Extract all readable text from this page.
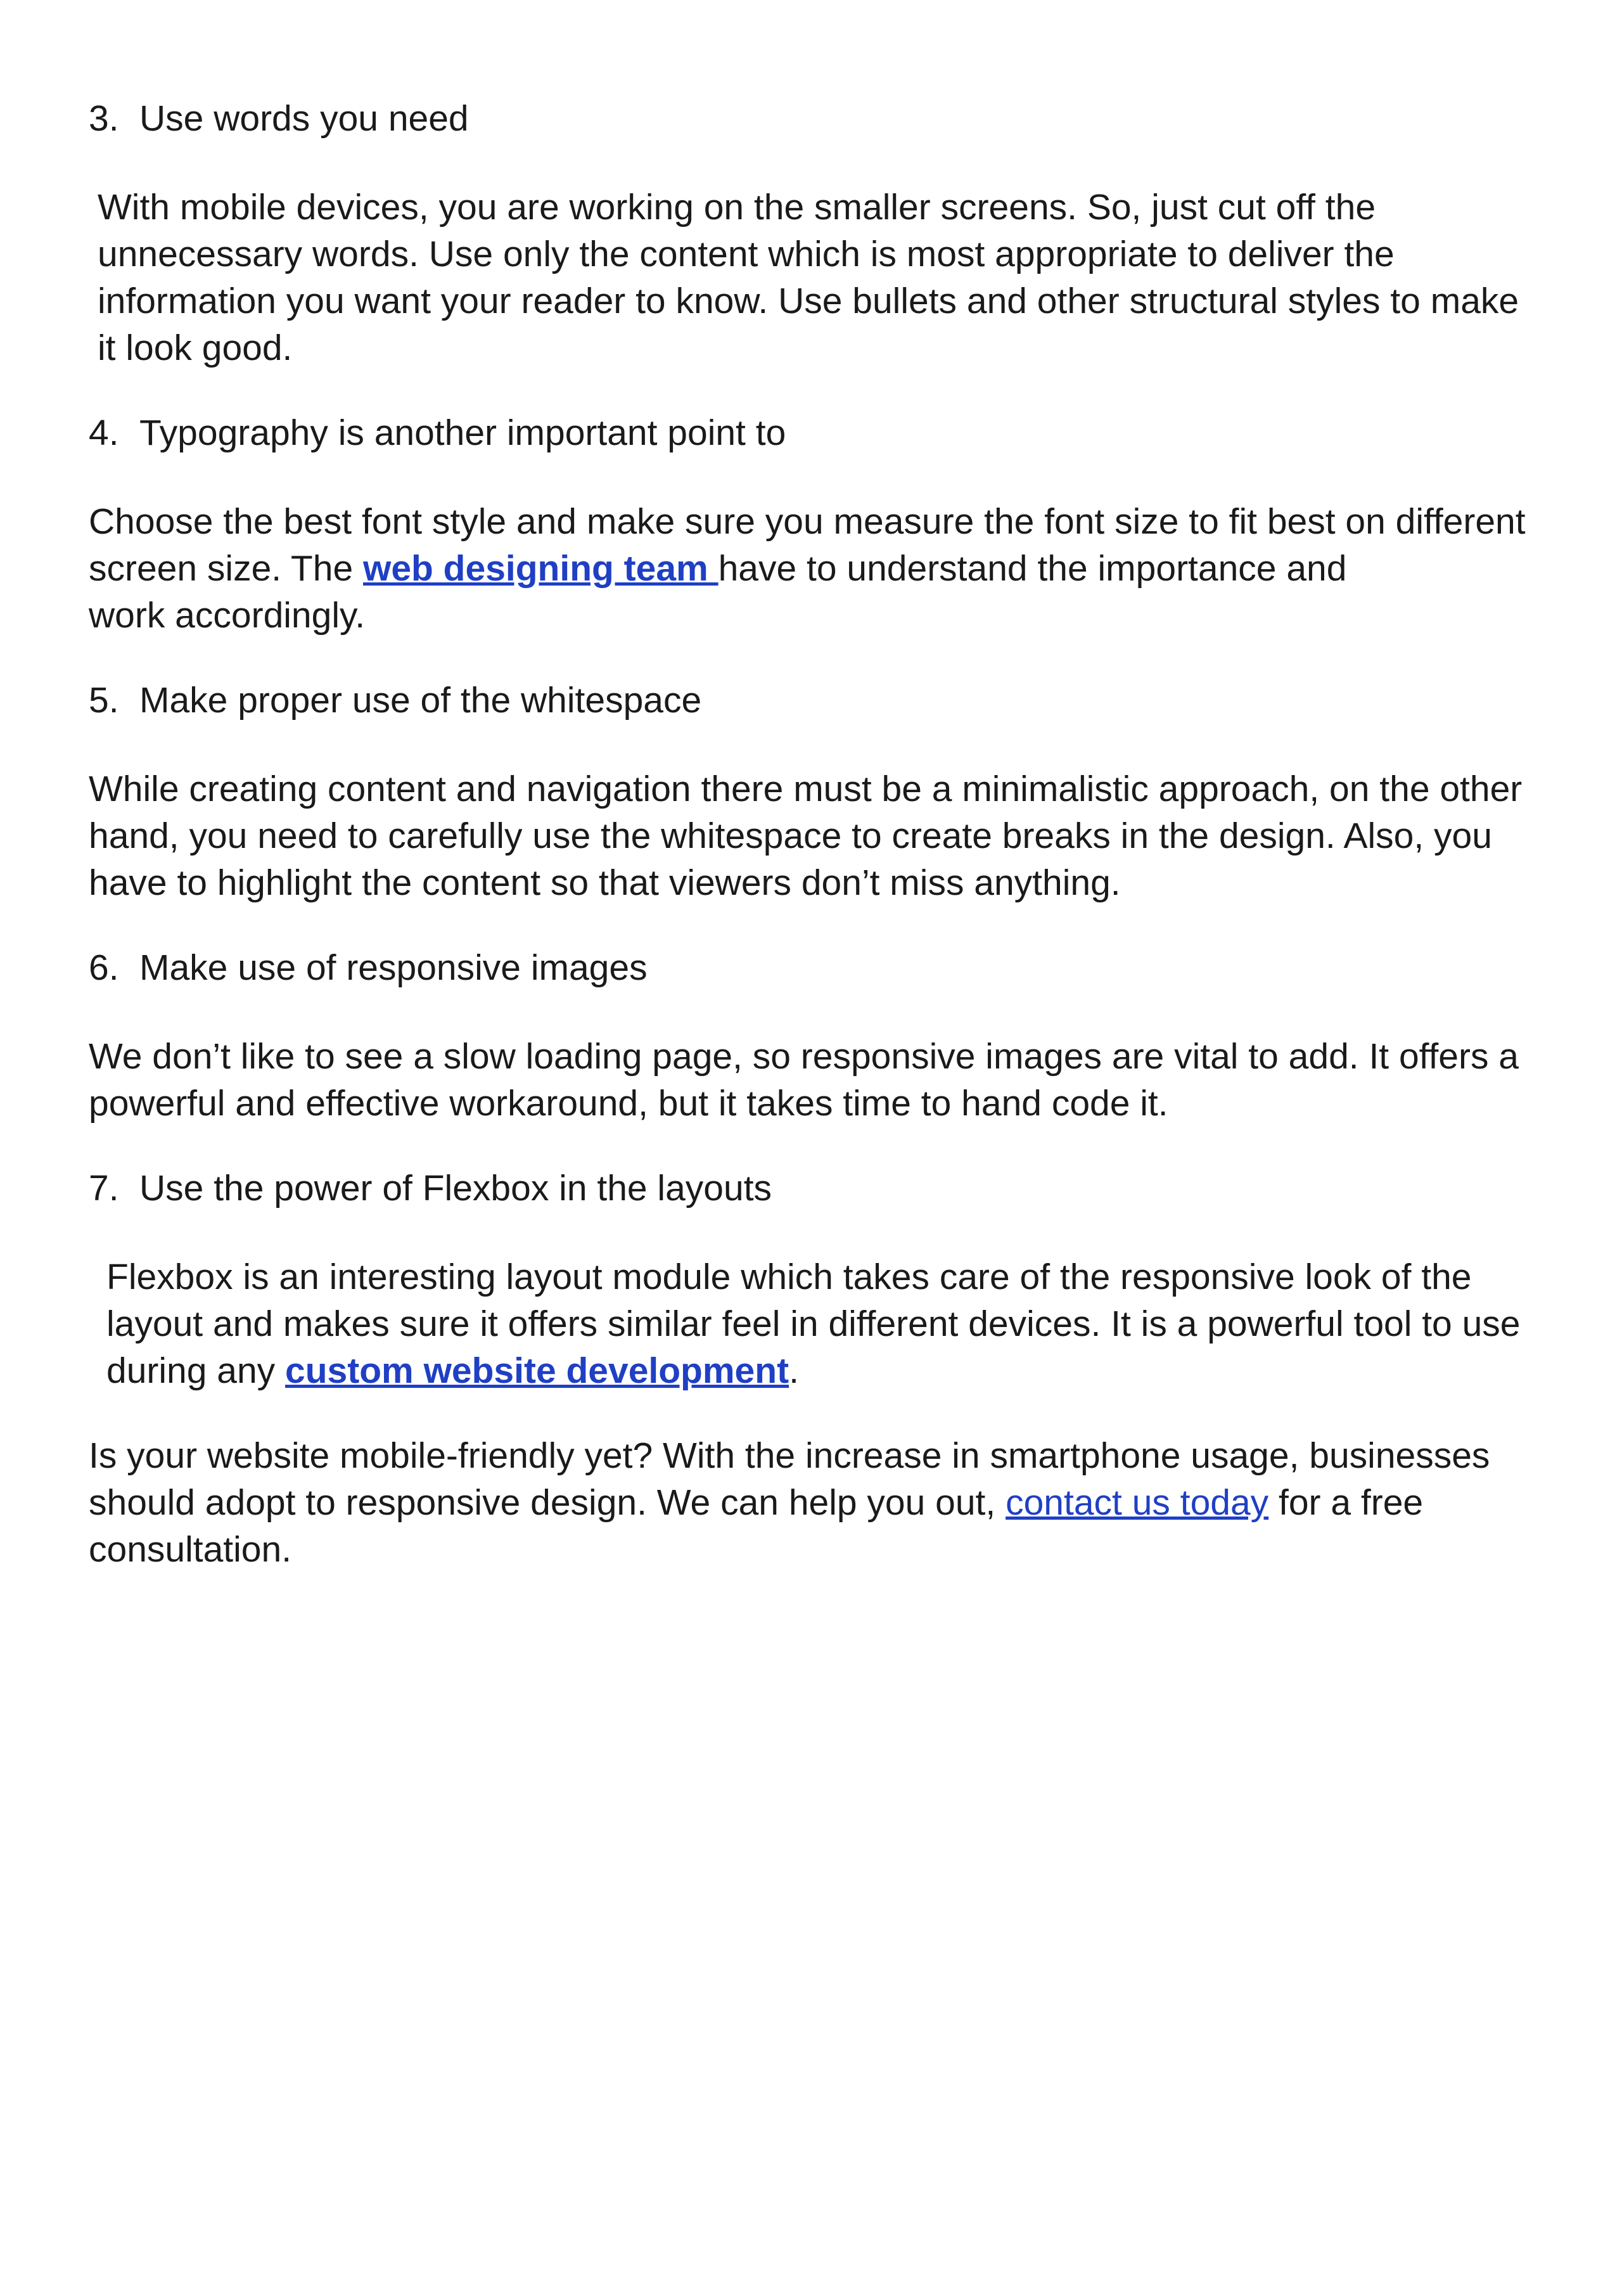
3. Use words you need

With mobile devices, you are working on the smaller screens. So, just cut off the unnecessary words. Use only the content which is most appropriate to deliver the information you want your reader to know. Use bullets and other structural styles to make it look good.

4. Typography is another important point to

Choose the best font style and make sure you measure the font size to fit best on different screen size. The web designing team have to understand the importance and
work accordingly.

5. Make proper use of the whitespace

While creating content and navigation there must be a minimalistic approach, on the other hand, you need to carefully use the whitespace to create breaks in the design. Also, you have to highlight the content so that viewers don’t miss anything.

6. Make use of responsive images

We don’t like to see a slow loading page, so responsive images are vital to add. It offers a powerful and effective workaround, but it takes time to hand code it.

7. Use the power of Flexbox in the layouts

Flexbox is an interesting layout module which takes care of the responsive look of the layout and makes sure it offers similar feel in different devices. It is a powerful tool to use during any custom website development.

Is your website mobile-friendly yet? With the increase in smartphone usage, businesses should adopt to responsive design. We can help you out, contact us today for a free consultation.
